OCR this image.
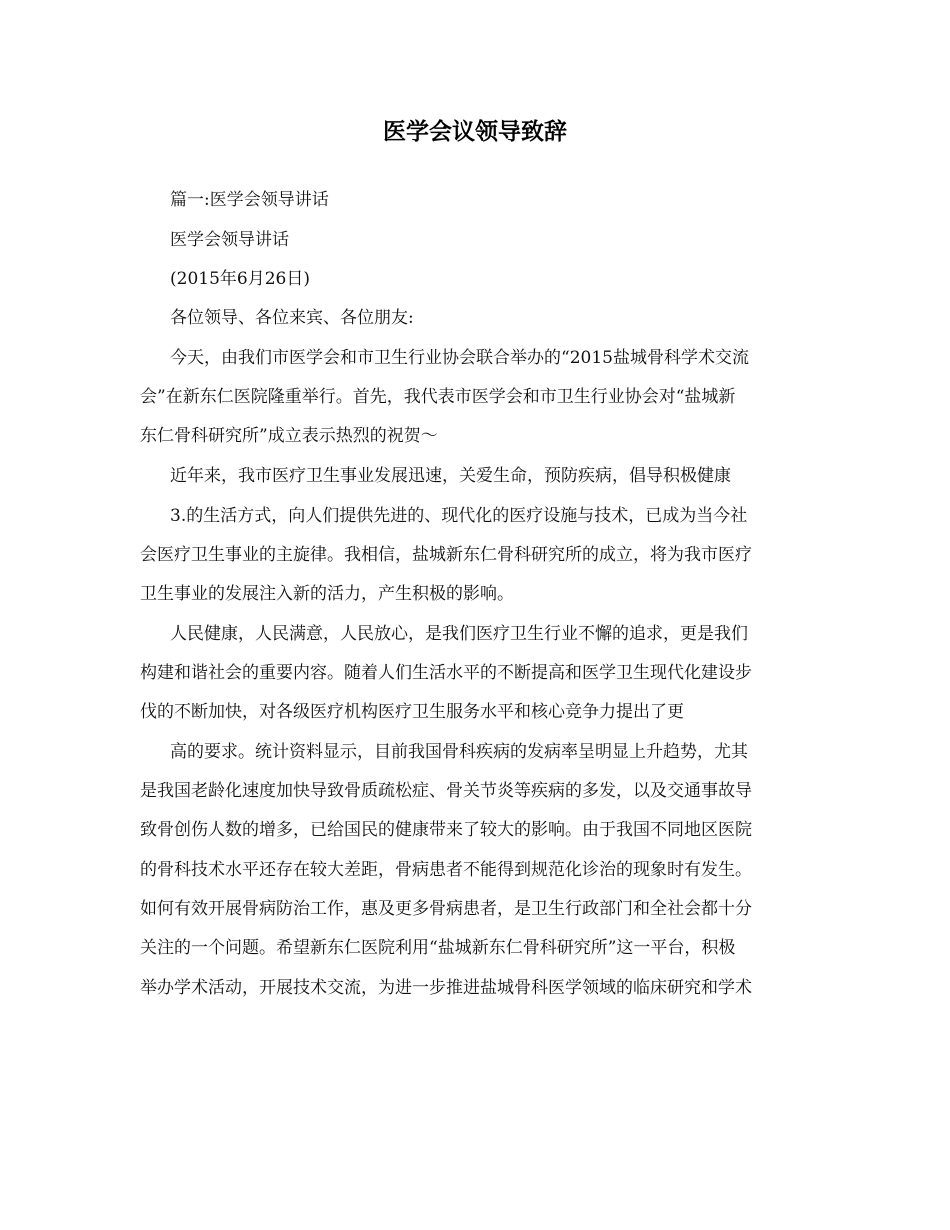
医学会议领导致辞
篇一:医学会领导讲话
医学会领导讲话
(2015年6月26日)
各位领导、各位来宾、各位朋友:
今天，由我们市医学会和市卫生行业协会联合举办的“2015盐城骨科学术交流
会”在新东仁医院隆重举行。首先，我代表市医学会和市卫生行业协会对“盐城新
东仁骨科研究所”成立表示热烈的祝贺～
近年来，我市医疗卫生事业发展迅速，关爱生命，预防疾病，倡导积极健康
3.的生活方式，向人们提供先进的、现代化的医疗设施与技术，已成为当今社
会医疗卫生事业的主旋律。我相信，盐城新东仁骨科研究所的成立，将为我市医疗
卫生事业的发展注入新的活力，产生积极的影响。
人民健康，人民满意，人民放心，是我们医疗卫生行业不懈的追求，更是我们
构建和谐社会的重要内容。随着人们生活水平的不断提高和医学卫生现代化建设步
伐的不断加快，对各级医疗机构医疗卫生服务水平和核心竞争力提出了更
高的要求。统计资料显示，目前我国骨科疾病的发病率呈明显上升趋势，尤其
是我国老龄化速度加快导致骨质疏松症、骨关节炎等疾病的多发，以及交通事故导
致骨创伤人数的增多，已给国民的健康带来了较大的影响。由于我国不同地区医院
的骨科技术水平还存在较大差距，骨病患者不能得到规范化诊治的现象时有发生。
如何有效开展骨病防治工作，惠及更多骨病患者，是卫生行政部门和全社会都十分
关注的一个问题。希望新东仁医院利用“盐城新东仁骨科研究所”这一平台，积极
举办学术活动，开展技术交流，为进一步推进盐城骨科医学领域的临床研究和学术
